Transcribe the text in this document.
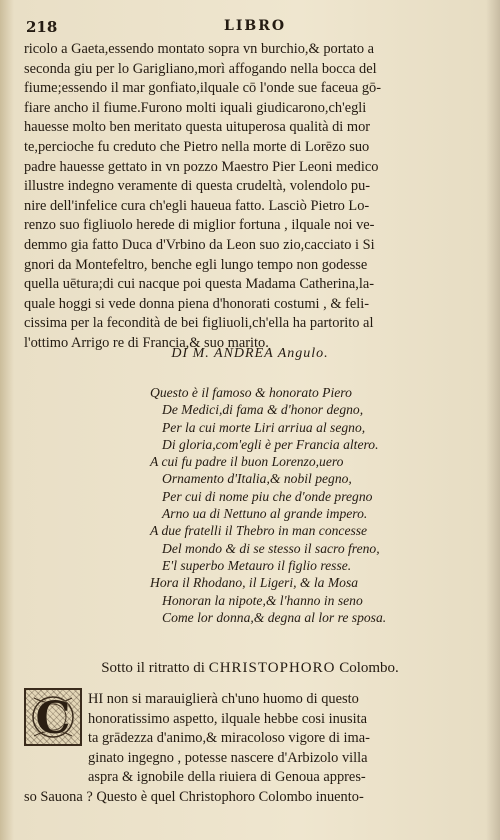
218	LIBRO
ricolo a Gaeta,essendo montato sopra vn burchio,& portato a
seconda giu per lo Garigliano,morì affogando nella bocca del
fiume;essendo il mar gonfiato,ilquale cō l'onde sue faceua gō-
fiare ancho il fiume.Furono molti iquali giudicarono,ch'egli
hauesse molto ben meritato questa uituperosa qualità di mor
te,percioche fu creduto che Pietro nella morte di Lorēzo suo
padre hauesse gettato in vn pozzo Maestro Pier Leoni medico
illustre indegno veramente di questa crudeltà, volendolo pu-
nire dell'infelice cura ch'egli haueua fatto. Lasciò Pietro Lo-
renzo suo figliuolo herede di miglior fortuna , ilquale noi ve-
demmo gia fatto Duca d'Vrbino da Leon suo zio,cacciato i Si
gnori da Montefeltro, benche egli lungo tempo non godesse
quella uētura;di cui nacque poi questa Madama Catherina,la-
quale hoggi si vede donna piena d'honorati costumi , & feli-
cissima per la fecondità de bei figliuoli,ch'ella ha partorito al
l'ottimo Arrigo re di Francia,& suo marito.
DI M. ANDREA Angulo.
Questo è il famoso & honorato Piero
De Medici,di fama & d'honor degno,
Per la cui morte Liri arriua al segno,
Di gloria,com'egli è per Francia altero.
A cui fu padre il buon Lorenzo,uero
Ornamento d'Italia,& nobil pegno,
Per cui di nome piu che d'onde pregno
Arno ua di Nettuno al grande impero.
A due fratelli il Thebro in man concesse
Del mondo & di se stesso il sacro freno,
E'l superbo Metauro il figlio resse.
Hora il Rhodano, il Ligeri, & la Mosa
Honoran la nipote,& l'hanno in seno
Come lor donna,& degna al lor re sposa.
Sotto il ritratto di CHRISTOPHORO Colombo.
C	HI non si marauiglierà ch'uno huomo di questo
honoratissimo aspetto, ilquale hebbe cosi inusita
ta grādezza d'animo,& miracoloso vigore di ima-
ginato ingegno , potesse nascere d'Arbizolo villa
aspra & ignobile della riuiera di Genoua appres-
so Sauona ? Questo è quel Christophoro Colombo inuento-
